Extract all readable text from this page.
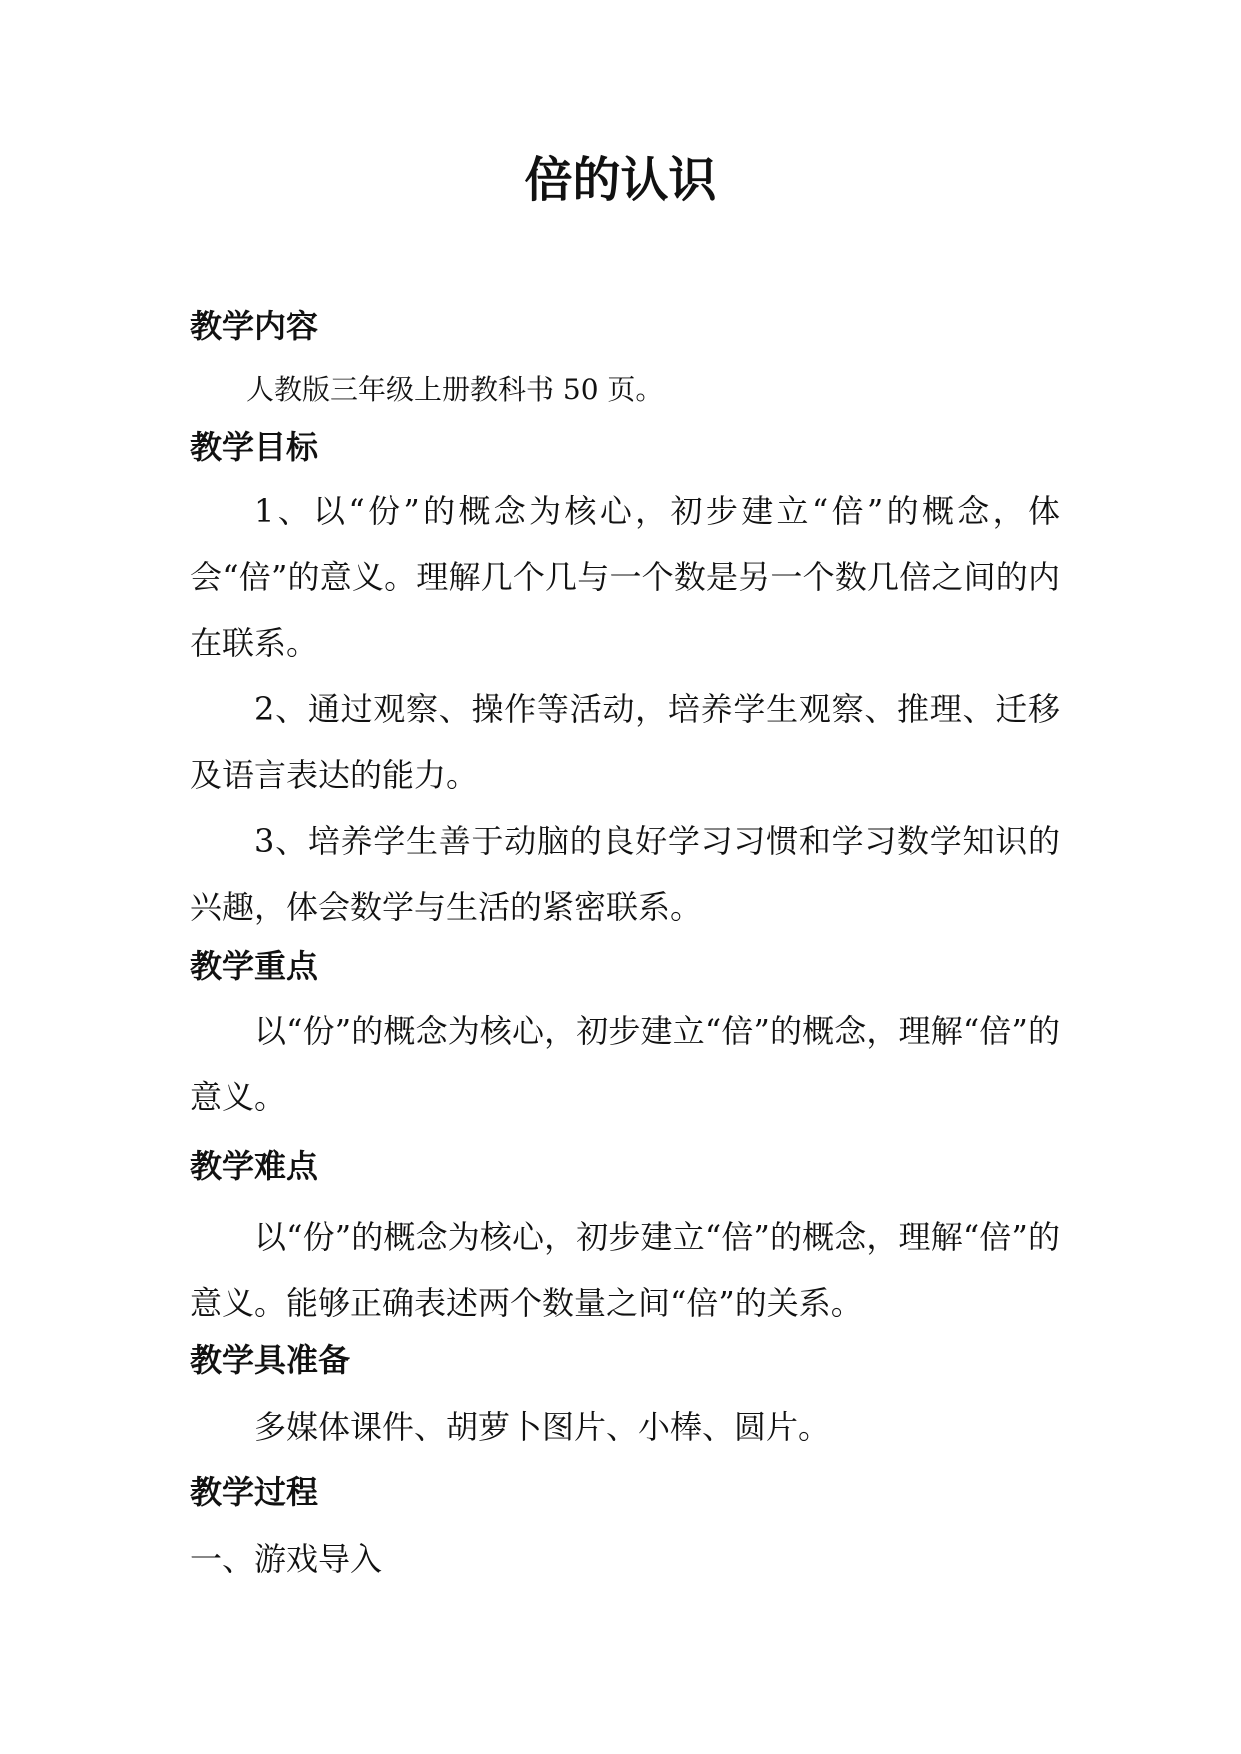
倍的认识
教学内容
人教版三年级上册教科书 50 页。
教学目标
1、以“份”的概念为核心，初步建立“倍”的概念，体会“倍”的意义。理解几个几与一个数是另一个数几倍之间的内在联系。
2、通过观察、操作等活动，培养学生观察、推理、迁移及语言表达的能力。
3、培养学生善于动脑的良好学习习惯和学习数学知识的兴趣，体会数学与生活的紧密联系。
教学重点
以“份”的概念为核心，初步建立“倍”的概念，理解“倍”的意义。
教学难点
以“份”的概念为核心，初步建立“倍”的概念，理解“倍”的意义。能够正确表述两个数量之间“倍”的关系。
教学具准备
多媒体课件、胡萝卜图片、小棒、圆片。
教学过程
一、游戏导入
